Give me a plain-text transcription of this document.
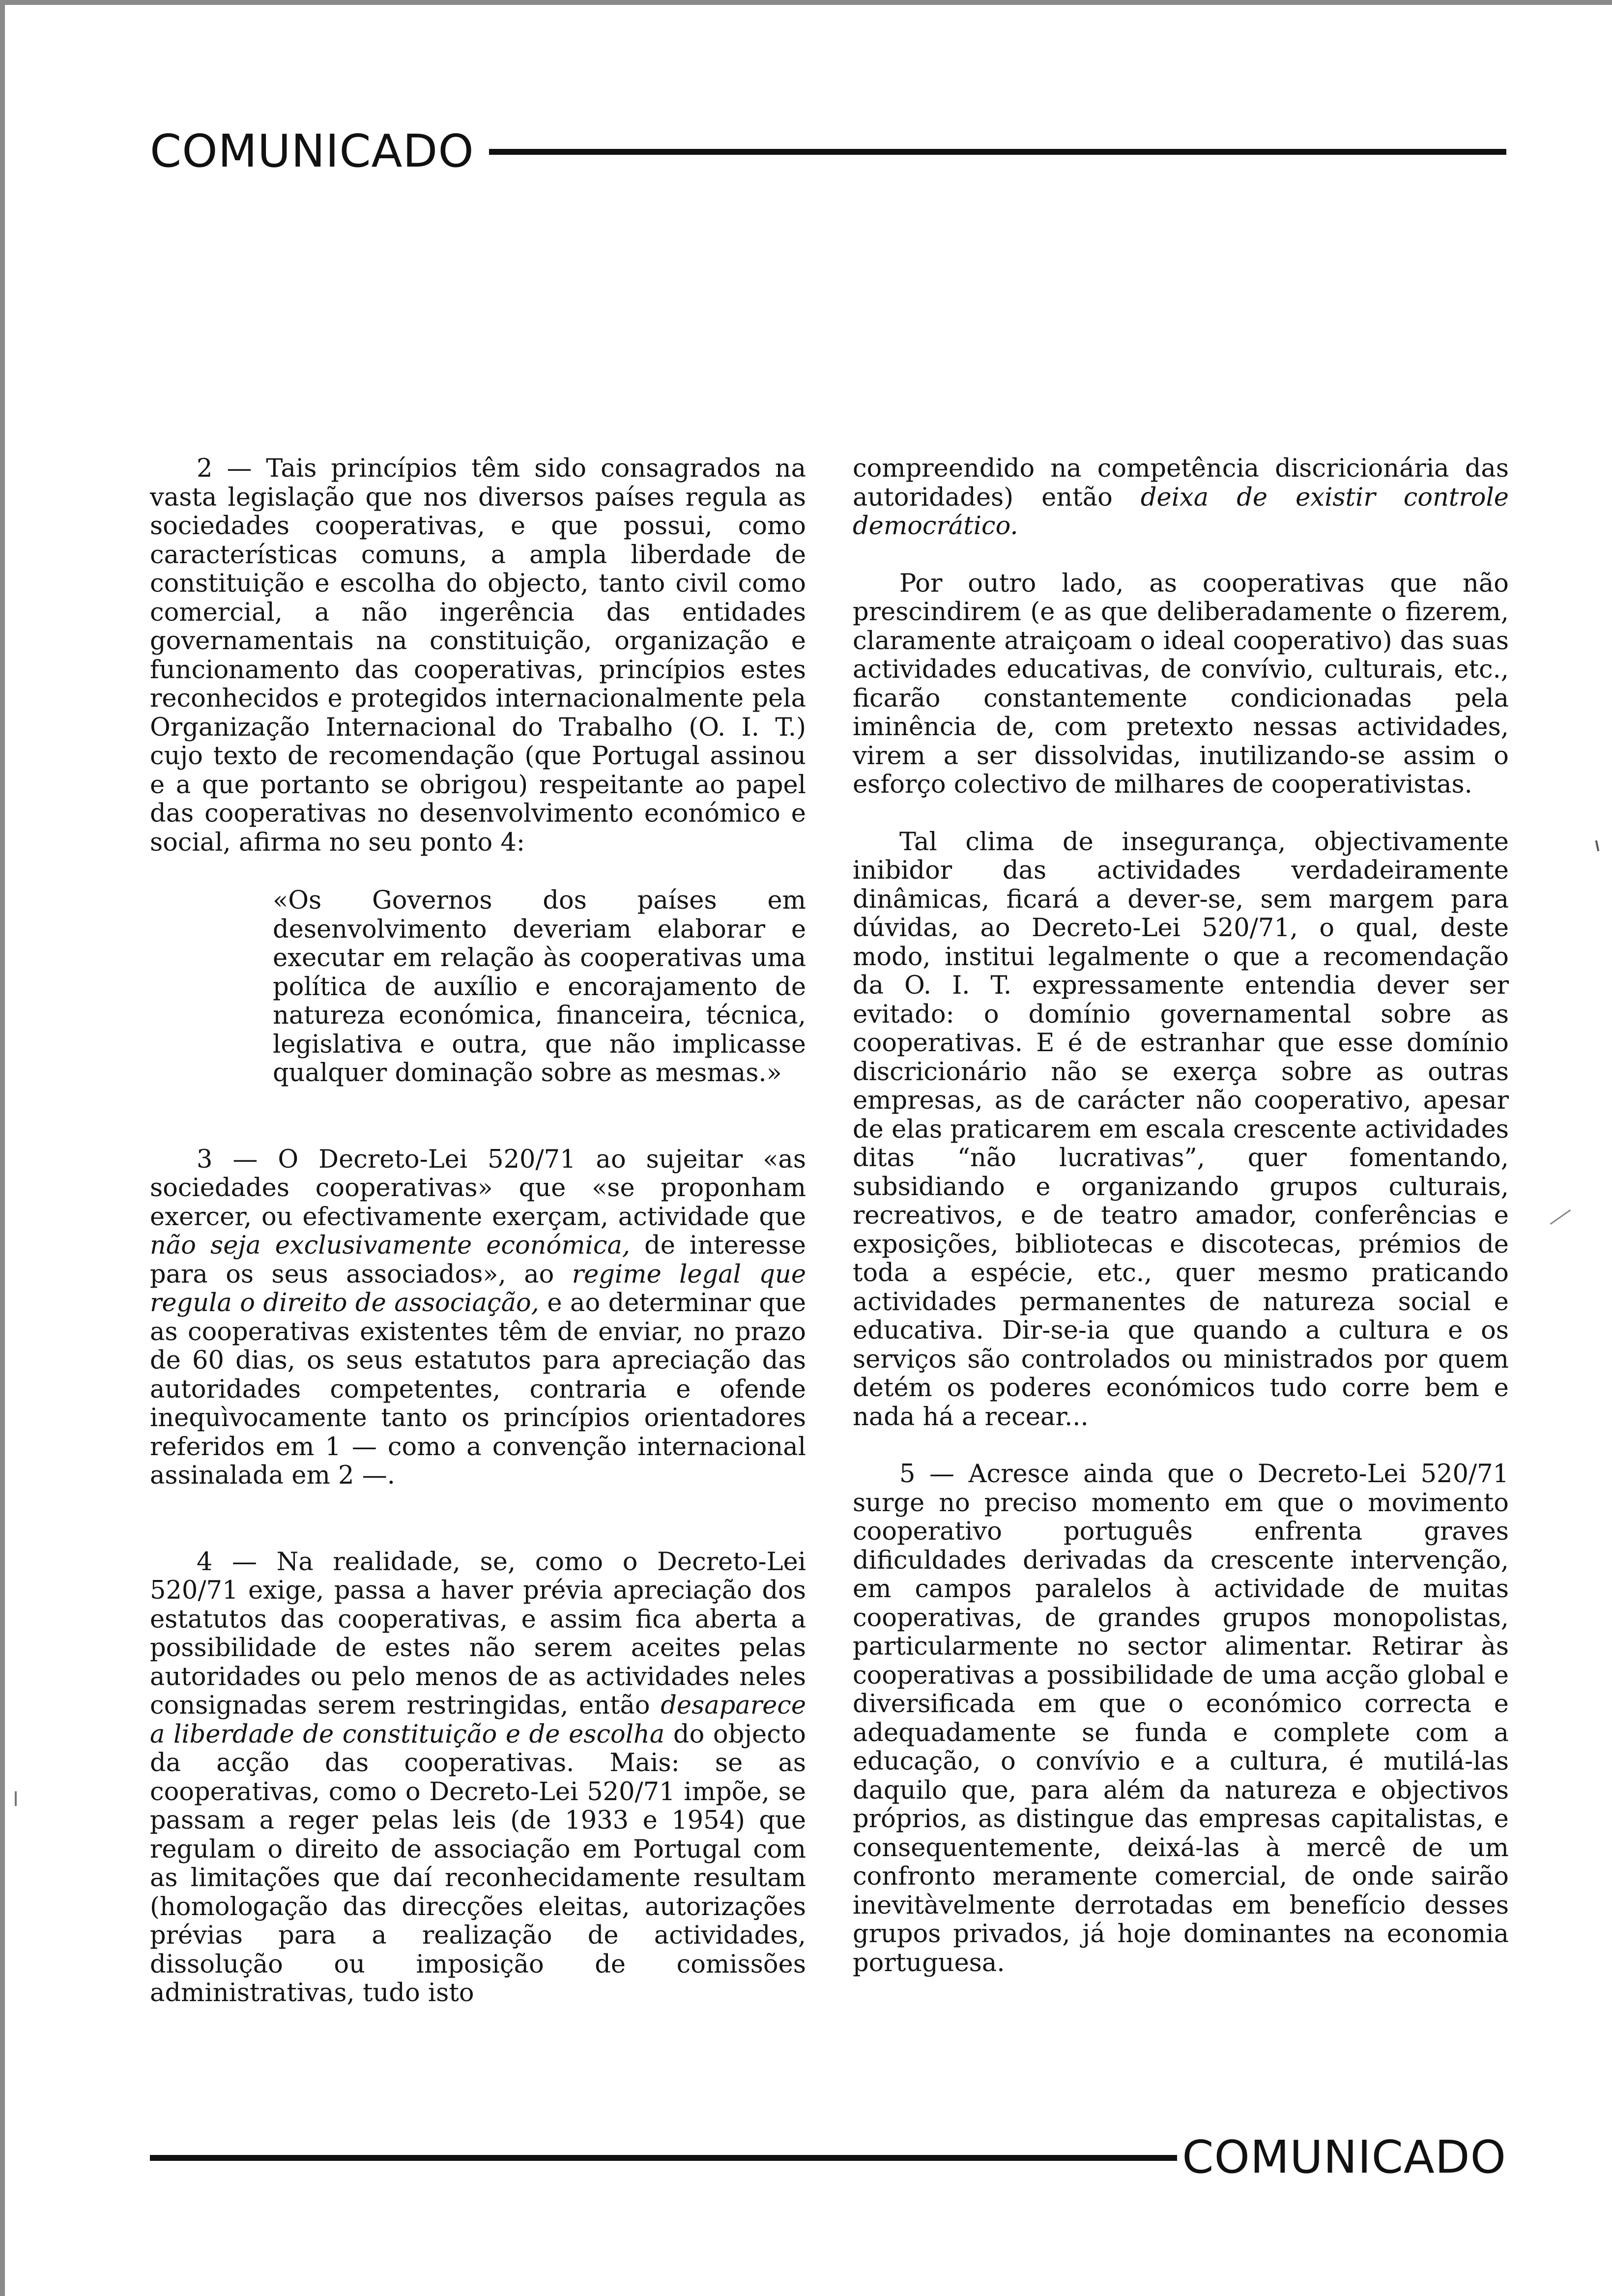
COMUNICADO

2 — Tais princípios têm sido consagrados na vasta legislação que nos diversos países regula as sociedades cooperativas, e que possui, como características comuns, a ampla liberdade de constituição e escolha do objecto, tanto civil como comercial, a não ingerência das entidades governamentais na constituição, organização e funcionamento das cooperativas, princípios estes reconhecidos e protegidos internacionalmente pela Organização Internacional do Trabalho (O. I. T.) cujo texto de recomendação (que Portugal assinou e a que portanto se obrigou) respeitante ao papel das cooperativas no desenvolvimento económico e social, afirma no seu ponto 4:

«Os Governos dos países em desenvolvimento deveriam elaborar e executar em relação às cooperativas uma política de auxílio e encorajamento de natureza económica, financeira, técnica, legislativa e outra, que não implicasse qualquer dominação sobre as mesmas.»

3 — O Decreto-Lei 520/71 ao sujeitar «as sociedades cooperativas» que «se proponham exercer, ou efectivamente exerçam, actividade que não seja exclusivamente económica, de interesse para os seus associados», ao regime legal que regula o direito de associação, e ao determinar que as cooperativas existentes têm de enviar, no prazo de 60 dias, os seus estatutos para apreciação das autoridades competentes, contraria e ofende inequìvocamente tanto os princípios orientadores referidos em 1 — como a convenção internacional assinalada em 2 —.

4 — Na realidade, se, como o Decreto-Lei 520/71 exige, passa a haver prévia apreciação dos estatutos das cooperativas, e assim fica aberta a possibilidade de estes não serem aceites pelas autoridades ou pelo menos de as actividades neles consignadas serem restringidas, então desaparece a liberdade de constituição e de escolha do objecto da acção das cooperativas. Mais: se as cooperativas, como o Decreto-Lei 520/71 impõe, se passam a reger pelas leis (de 1933 e 1954) que regulam o direito de associação em Portugal com as limitações que daí reconhecidamente resultam (homologação das direcções eleitas, autorizações prévias para a realização de actividades, dissolução ou imposição de comissões administrativas, tudo isto

compreendido na competência discricionária das autoridades) então deixa de existir controle democrático.

Por outro lado, as cooperativas que não prescindirem (e as que deliberadamente o fizerem, claramente atraiçoam o ideal cooperativo) das suas actividades educativas, de convívio, culturais, etc., ficarão constantemente condicionadas pela iminência de, com pretexto nessas actividades, virem a ser dissolvidas, inutilizando-se assim o esforço colectivo de milhares de cooperativistas.

Tal clima de insegurança, objectivamente inibidor das actividades verdadeiramente dinâmicas, ficará a dever-se, sem margem para dúvidas, ao Decreto-Lei 520/71, o qual, deste modo, institui legalmente o que a recomendação da O. I. T. expressamente entendia dever ser evitado: o domínio governamental sobre as cooperativas. E é de estranhar que esse domínio discricionário não se exerça sobre as outras empresas, as de carácter não cooperativo, apesar de elas praticarem em escala crescente actividades ditas “não lucrativas”, quer fomentando, subsidiando e organizando grupos culturais, recreativos, e de teatro amador, conferências e exposições, bibliotecas e discotecas, prémios de toda a espécie, etc., quer mesmo praticando actividades permanentes de natureza social e educativa. Dir-se-ia que quando a cultura e os serviços são controlados ou ministrados por quem detém os poderes económicos tudo corre bem e nada há a recear...

5 — Acresce ainda que o Decreto-Lei 520/71 surge no preciso momento em que o movimento cooperativo português enfrenta graves dificuldades derivadas da crescente intervenção, em campos paralelos à actividade de muitas cooperativas, de grandes grupos monopolistas, particularmente no sector alimentar. Retirar às cooperativas a possibilidade de uma acção global e diversificada em que o económico correcta e adequadamente se funda e complete com a educação, o convívio e a cultura, é mutilá-las daquilo que, para além da natureza e objectivos próprios, as distingue das empresas capitalistas, e consequentemente, deixá-las à mercê de um confronto meramente comercial, de onde sairão inevitàvelmente derrotadas em benefício desses grupos privados, já hoje dominantes na economia portuguesa.

COMUNICADO
